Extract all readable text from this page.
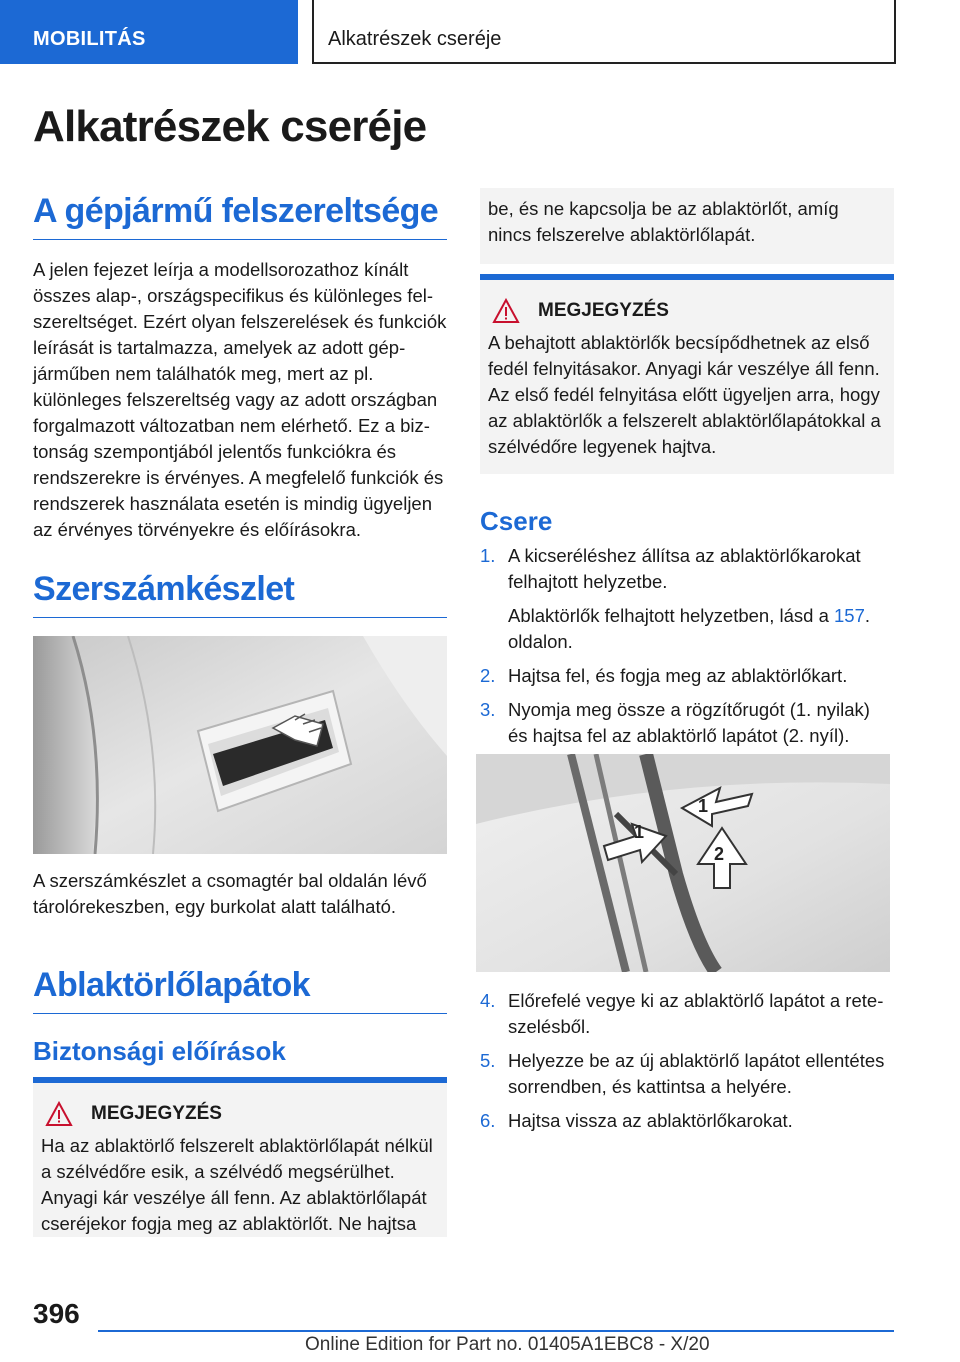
MOBILITÁS	Alkatrészek cseréje
Alkatrészek cseréje
A gépjármű felszereltsége

A jelen fejezet leírja a modellsorozathoz kínált összes alap-, országspecifikus és különleges felszereltséget. Ezért olyan felszerelések és funkciók leírását is tartalmazza, amelyek az adott gépjárműben nem találhatók meg, mert az pl. különleges felszereltség vagy az adott országban forgalmazott változatban nem elérhető. Ez a biztonság szempontjából jelentős funkciókra és rendszerekre is érvényes. A megfelelő funkciók és rendszerek használata esetén is mindig ügyeljen az érvényes törvényekre és előírásokra.

Szerszámkészlet

A szerszámkészlet a csomagtér bal oldalán lévő tárolórekeszben, egy burkolat alatt található.

Ablaktörlőlapátok
Biztonsági előírások
MEGJEGYZÉS

Ha az ablaktörlő felszerelt ablaktörlőlapát nélkül a szélvédőre esik, a szélvédő megsérülhet. Anyagi kár veszélye áll fenn. Az ablaktörlőlapát cseréjekor fogja meg az ablaktörlőt. Ne hajtsa

be, és ne kapcsolja be az ablaktörlőt, amíg nincs felszerelve ablaktörlőlapát.

MEGJEGYZÉS

A behajtott ablaktörlők becsípődhetnek az első fedél felnyitásakor. Anyagi kár veszélye áll fenn. Az első fedél felnyitása előtt ügyeljen arra, hogy az ablaktörlők a felszerelt ablaktörlőlapátokkal a szélvédőre legyenek hajtva.

Csere
1. A kicseréléshez állítsa az ablaktörlőkarokat felhajtott helyzetbe.
Ablaktörlők felhajtott helyzetben, lásd a 157. oldalon.
2. Hajtsa fel, és fogja meg az ablaktörlőkart.
3. Nyomja meg össze a rögzítőrugót (1. nyilak) és hajtsa fel az ablaktörlő lapátot (2. nyíl).
1
1
2
4. Előrefelé vegye ki az ablaktörlő lapátot a reteszelésből.
5. Helyezze be az új ablaktörlő lapátot ellentétes sorrendben, és kattintsa a helyére.
6. Hajtsa vissza az ablaktörlőkarokat.
396
Online Edition for Part no. 01405A1EBC8 - X/20
